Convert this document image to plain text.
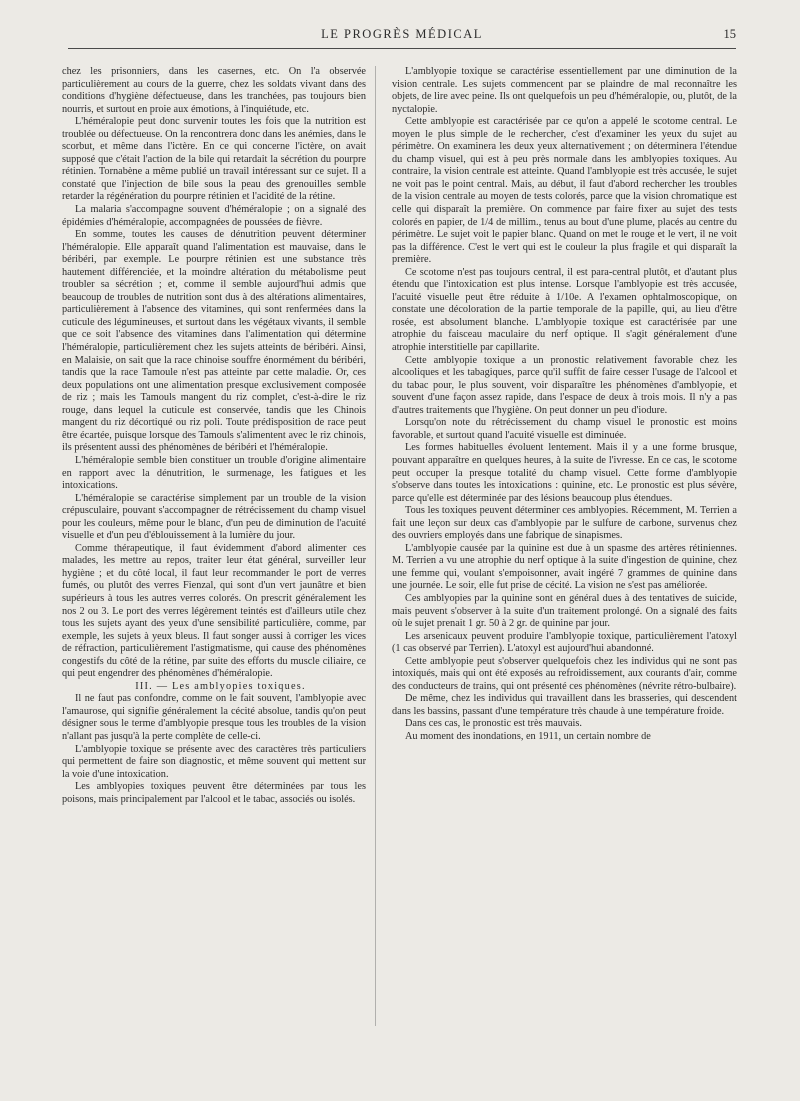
LE PROGRÈS MÉDICAL	15

chez les prisonniers, dans les casernes, etc. On l'a observée particulièrement au cours de la guerre, chez les soldats vivant dans des conditions d'hygiène défectueuse, dans les tranchées, pas toujours bien nourris, et surtout en proie aux émotions, à l'inquiétude, etc.

L'héméralopie peut donc survenir toutes les fois que la nutrition est troublée ou défectueuse. On la rencontrera donc dans les anémies, dans le scorbut, et même dans l'ictère. En ce qui concerne l'ictère, on avait supposé que c'était l'action de la bile qui retardait la sécrétion du pourpre rétinien. Tornabène a même publié un travail intéressant sur ce sujet. Il a constaté que l'injection de bile sous la peau des grenouilles semble retarder la régénération du pourpre rétinien et l'acidité de la rétine.

La malaria s'accompagne souvent d'héméralopie ; on a signalé des épidémies d'héméralopie, accompagnées de poussées de fièvre.

En somme, toutes les causes de dénutrition peuvent déterminer l'héméralopie. Elle apparaît quand l'alimentation est mauvaise, dans le béribéri, par exemple. Le pourpre rétinien est une substance très hautement différenciée, et la moindre altération du métabolisme peut troubler sa sécrétion ; et, comme il semble aujourd'hui admis que beaucoup de troubles de nutrition sont dus à des altérations alimentaires, particulièrement à l'absence des vitamines, qui sont renfermées dans la cuticule des légumineuses, et surtout dans les végétaux vivants, il semble que ce soit l'absence des vitamines dans l'alimentation qui détermine l'héméralopie, particulièrement chez les sujets atteints de béribéri. Ainsi, en Malaisie, on sait que la race chinoise souffre énormément du béribéri, tandis que la race Tamoule n'est pas atteinte par cette maladie. Or, ces deux populations ont une alimentation presque exclusivement composée de riz ; mais les Tamouls mangent du riz complet, c'est-à-dire le riz rouge, dans lequel la cuticule est conservée, tandis que les Chinois mangent du riz décortiqué ou riz poli. Toute prédisposition de race peut être écartée, puisque lorsque des Tamouls s'alimentent avec le riz chinois, ils présentent aussi des phénomènes de béribéri et l'héméralopie.

L'héméralopie semble bien constituer un trouble d'origine alimentaire en rapport avec la dénutrition, le surmenage, les fatigues et les intoxications.

L'héméralopie se caractérise simplement par un trouble de la vision crépusculaire, pouvant s'accompagner de rétrécissement du champ visuel pour les couleurs, même pour le blanc, d'un peu de diminution de l'acuité visuelle et d'un peu d'éblouissement à la lumière du jour.

Comme thérapeutique, il faut évidemment d'abord alimenter ces malades, les mettre au repos, traiter leur état général, surveiller leur hygiène ; et du côté local, il faut leur recommander le port de verres fumés, ou plutôt des verres Fienzal, qui sont d'un vert jaunâtre et bien supérieurs à tous les autres verres colorés. On prescrit généralement les nos 2 ou 3. Le port des verres légèrement teintés est d'ailleurs utile chez tous les sujets ayant des yeux d'une sensibilité particulière, comme, par exemple, les sujets à yeux bleus. Il faut songer aussi à corriger les vices de réfraction, particulièrement l'astigmatisme, qui cause des phénomènes congestifs du côté de la rétine, par suite des efforts du muscle ciliaire, ce qui peut engendrer des phénomènes d'héméralopie.

III. — Les amblyopies toxiques.

Il ne faut pas confondre, comme on le fait souvent, l'amblyopie avec l'amaurose, qui signifie généralement la cécité absolue, tandis qu'on peut désigner sous le terme d'amblyopie presque tous les troubles de la vision n'allant pas jusqu'à la perte complète de celle-ci.

L'amblyopie toxique se présente avec des caractères très particuliers qui permettent de faire son diagnostic, et même souvent qui mettent sur la voie d'une intoxication.

Les amblyopies toxiques peuvent être déterminées par tous les poisons, mais principalement par l'alcool et le tabac, associés ou isolés.

L'amblyopie toxique se caractérise essentiellement par une diminution de la vision centrale. Les sujets commencent par se plaindre de mal reconnaître les objets, de lire avec peine. Ils ont quelquefois un peu d'héméralopie, ou, plutôt, de la nyctalopie.

Cette amblyopie est caractérisée par ce qu'on a appelé le scotome central. Le moyen le plus simple de le rechercher, c'est d'examiner les yeux du sujet au périmètre. On examinera les deux yeux alternativement ; on déterminera l'étendue du champ visuel, qui est à peu près normale dans les amblyopies toxiques. Au contraire, la vision centrale est atteinte. Quand l'amblyopie est très accusée, le sujet ne voit pas le point central. Mais, au début, il faut d'abord rechercher les troubles de la vision centrale au moyen de tests colorés, parce que la vision chromatique est celle qui disparaît la première. On commence par faire fixer au sujet des tests colorés en papier, de 1/4 de millim., tenus au bout d'une plume, placés au centre du périmètre. Le sujet voit le papier blanc. Quand on met le rouge et le vert, il ne voit pas la différence. C'est le vert qui est le couleur la plus fragile et qui disparaît la première.

Ce scotome n'est pas toujours central, il est para-central plutôt, et d'autant plus étendu que l'intoxication est plus intense. Lorsque l'amblyopie est très accusée, l'acuité visuelle peut être réduite à 1/10e. A l'examen ophtalmoscopique, on constate une décoloration de la partie temporale de la papille, qui, au lieu d'être rosée, est absolument blanche. L'amblyopie toxique est caractérisée par une atrophie du faisceau maculaire du nerf optique. Il s'agit généralement d'une atrophie interstitielle par capillarite.

Cette amblyopie toxique a un pronostic relativement favorable chez les alcooliques et les tabagiques, parce qu'il suffit de faire cesser l'usage de l'alcool et du tabac pour, le plus souvent, voir disparaître les phénomènes d'amblyopie, et souvent d'une façon assez rapide, dans l'espace de deux à trois mois. Il n'y a pas d'autres traitements que l'hygiène. On peut donner un peu d'iodure.

Lorsqu'on note du rétrécissement du champ visuel le pronostic est moins favorable, et surtout quand l'acuité visuelle est diminuée.

Les formes habituelles évoluent lentement. Mais il y a une forme brusque, pouvant apparaître en quelques heures, à la suite de l'ivresse. En ce cas, le scotome peut occuper la presque totalité du champ visuel. Cette forme d'amblyopie s'observe dans toutes les intoxications : quinine, etc. Le pronostic est plus sévère, parce qu'elle est déterminée par des lésions beaucoup plus étendues.

Tous les toxiques peuvent déterminer ces amblyopies. Récemment, M. Terrien a fait une leçon sur deux cas d'amblyopie par le sulfure de carbone, survenus chez des ouvriers employés dans une fabrique de sinapismes.

L'amblyopie causée par la quinine est due à un spasme des artères rétiniennes. M. Terrien a vu une atrophie du nerf optique à la suite d'ingestion de quinine, chez une femme qui, voulant s'empoisonner, avait ingéré 7 grammes de quinine dans une journée. Le soir, elle fut prise de cécité. La vision ne s'est pas améliorée.

Ces amblyopies par la quinine sont en général dues à des tentatives de suicide, mais peuvent s'observer à la suite d'un traitement prolongé. On a signalé des faits où le sujet prenait 1 gr. 50 à 2 gr. de quinine par jour.

Les arsenicaux peuvent produire l'amblyopie toxique, particulièrement l'atoxyl (1 cas observé par Terrien). L'atoxyl est aujourd'hui abandonné.

Cette amblyopie peut s'observer quelquefois chez les individus qui ne sont pas intoxiqués, mais qui ont été exposés au refroidissement, aux courants d'air, comme des conducteurs de trains, qui ont présenté ces phénomènes (névrite rétro-bulbaire).

De même, chez les individus qui travaillent dans les brasseries, qui descendent dans les bassins, passant d'une température très chaude à une température froide.

Dans ces cas, le pronostic est très mauvais.

Au moment des inondations, en 1911, un certain nombre de
